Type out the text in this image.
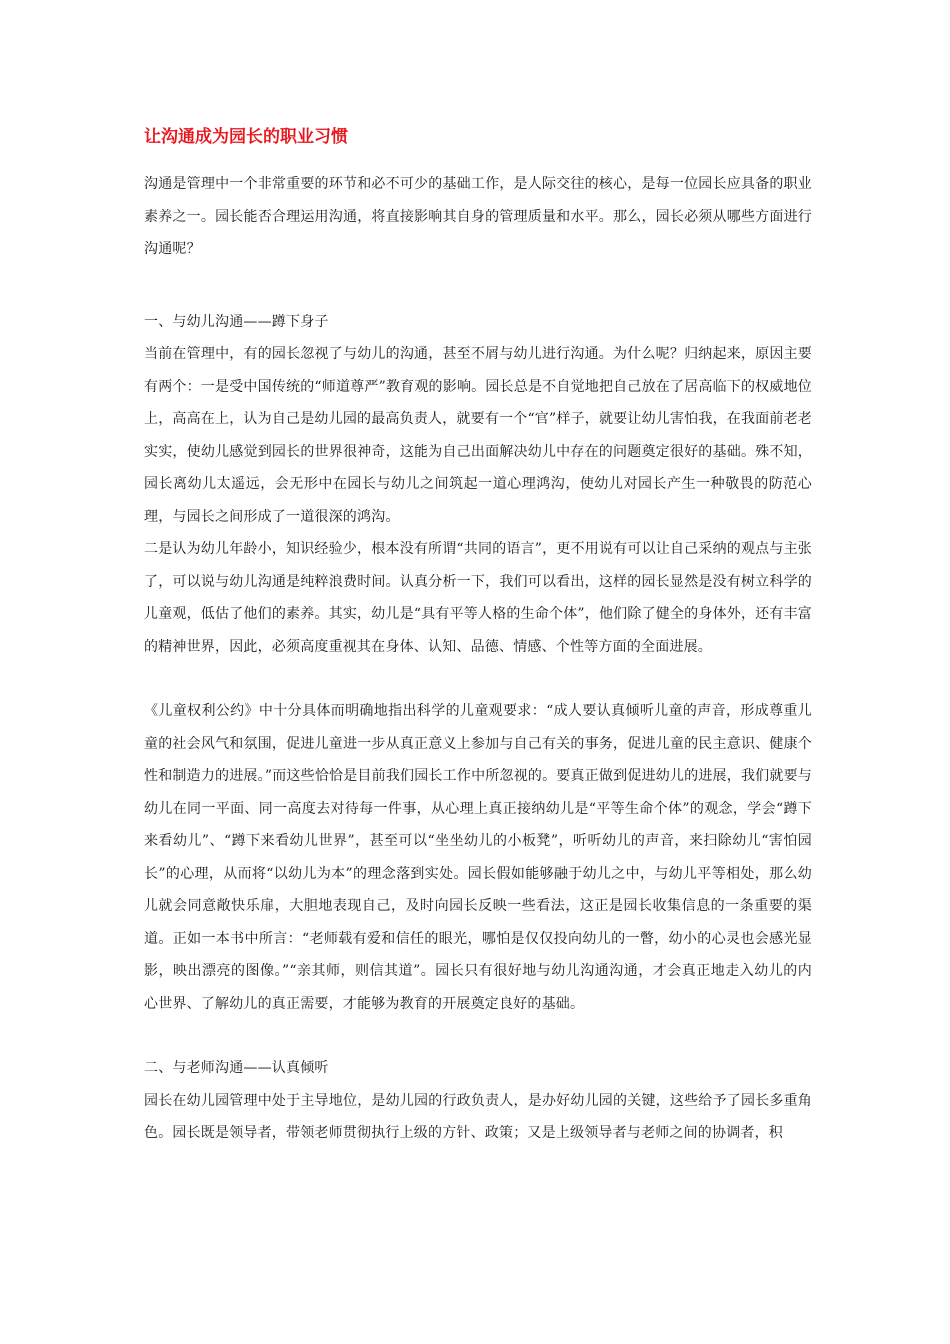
让沟通成为园长的职业习惯

沟通是管理中一个非常重要的环节和必不可少的基础工作，是人际交往的核心，是每一位园长应具备的职业素养之一。园长能否合理运用沟通，将直接影响其自身的管理质量和水平。那么，园长必须从哪些方面进行沟通呢？

一、与幼儿沟通——蹲下身子

当前在管理中，有的园长忽视了与幼儿的沟通，甚至不屑与幼儿进行沟通。为什么呢？归纳起来，原因主要有两个：一是受中国传统的“师道尊严”教育观的影响。园长总是不自觉地把自己放在了居高临下的权威地位上，高高在上，认为自己是幼儿园的最高负责人，就要有一个“官”样子，就要让幼儿害怕我，在我面前老老实实，使幼儿感觉到园长的世界很神奇，这能为自己出面解决幼儿中存在的问题奠定很好的基础。殊不知，园长离幼儿太遥远，会无形中在园长与幼儿之间筑起一道心理鸿沟，使幼儿对园长产生一种敬畏的防范心理，与园长之间形成了一道很深的鸿沟。

二是认为幼儿年龄小，知识经验少，根本没有所谓“共同的语言”，更不用说有可以让自己采纳的观点与主张了，可以说与幼儿沟通是纯粹浪费时间。认真分析一下，我们可以看出，这样的园长显然是没有树立科学的儿童观，低估了他们的素养。其实，幼儿是“具有平等人格的生命个体”，他们除了健全的身体外，还有丰富的精神世界，因此，必须高度重视其在身体、认知、品德、情感、个性等方面的全面进展。

《儿童权利公约》中十分具体而明确地指出科学的儿童观要求：“成人要认真倾听儿童的声音，形成尊重儿童的社会风气和氛围，促进儿童进一步从真正意义上参加与自己有关的事务，促进儿童的民主意识、健康个性和制造力的进展。”而这些恰恰是目前我们园长工作中所忽视的。要真正做到促进幼儿的进展，我们就要与幼儿在同一平面、同一高度去对待每一件事，从心理上真正接纳幼儿是“平等生命个体”的观念，学会“蹲下来看幼儿”、“蹲下来看幼儿世界”，甚至可以“坐坐幼儿的小板凳”，听听幼儿的声音，来扫除幼儿“害怕园长”的心理，从而将“以幼儿为本”的理念落到实处。园长假如能够融于幼儿之中，与幼儿平等相处，那么幼儿就会同意敞快乐扉，大胆地表现自己，及时向园长反映一些看法，这正是园长收集信息的一条重要的渠道。正如一本书中所言：“老师载有爱和信任的眼光，哪怕是仅仅投向幼儿的一瞥，幼小的心灵也会感光显影，映出漂亮的图像。”“亲其师，则信其道”。园长只有很好地与幼儿沟通沟通，才会真正地走入幼儿的内心世界、了解幼儿的真正需要，才能够为教育的开展奠定良好的基础。

二、与老师沟通——认真倾听

园长在幼儿园管理中处于主导地位，是幼儿园的行政负责人，是办好幼儿园的关键，这些给予了园长多重角色。园长既是领导者，带领老师贯彻执行上级的方针、政策；又是上级领导者与老师之间的协调者，积
